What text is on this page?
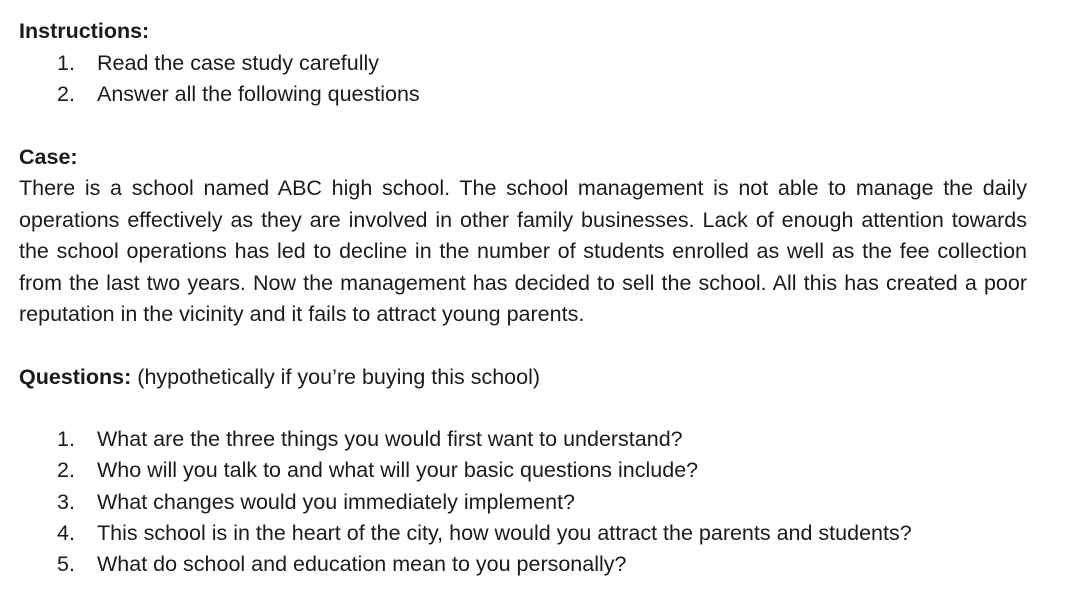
Instructions:
1. Read the case study carefully
2. Answer all the following questions
Case:

There is a school named ABC high school. The school management is not able to manage the daily operations effectively as they are involved in other family businesses. Lack of enough attention towards the school operations has led to decline in the number of students enrolled as well as the fee collection from the last two years. Now the management has decided to sell the school. All this has created a poor reputation in the vicinity and it fails to attract young parents.

Questions: (hypothetically if you’re buying this school)
1. What are the three things you would first want to understand?
2. Who will you talk to and what will your basic questions include?
3. What changes would you immediately implement?
4. This school is in the heart of the city, how would you attract the parents and students?
5. What do school and education mean to you personally?
